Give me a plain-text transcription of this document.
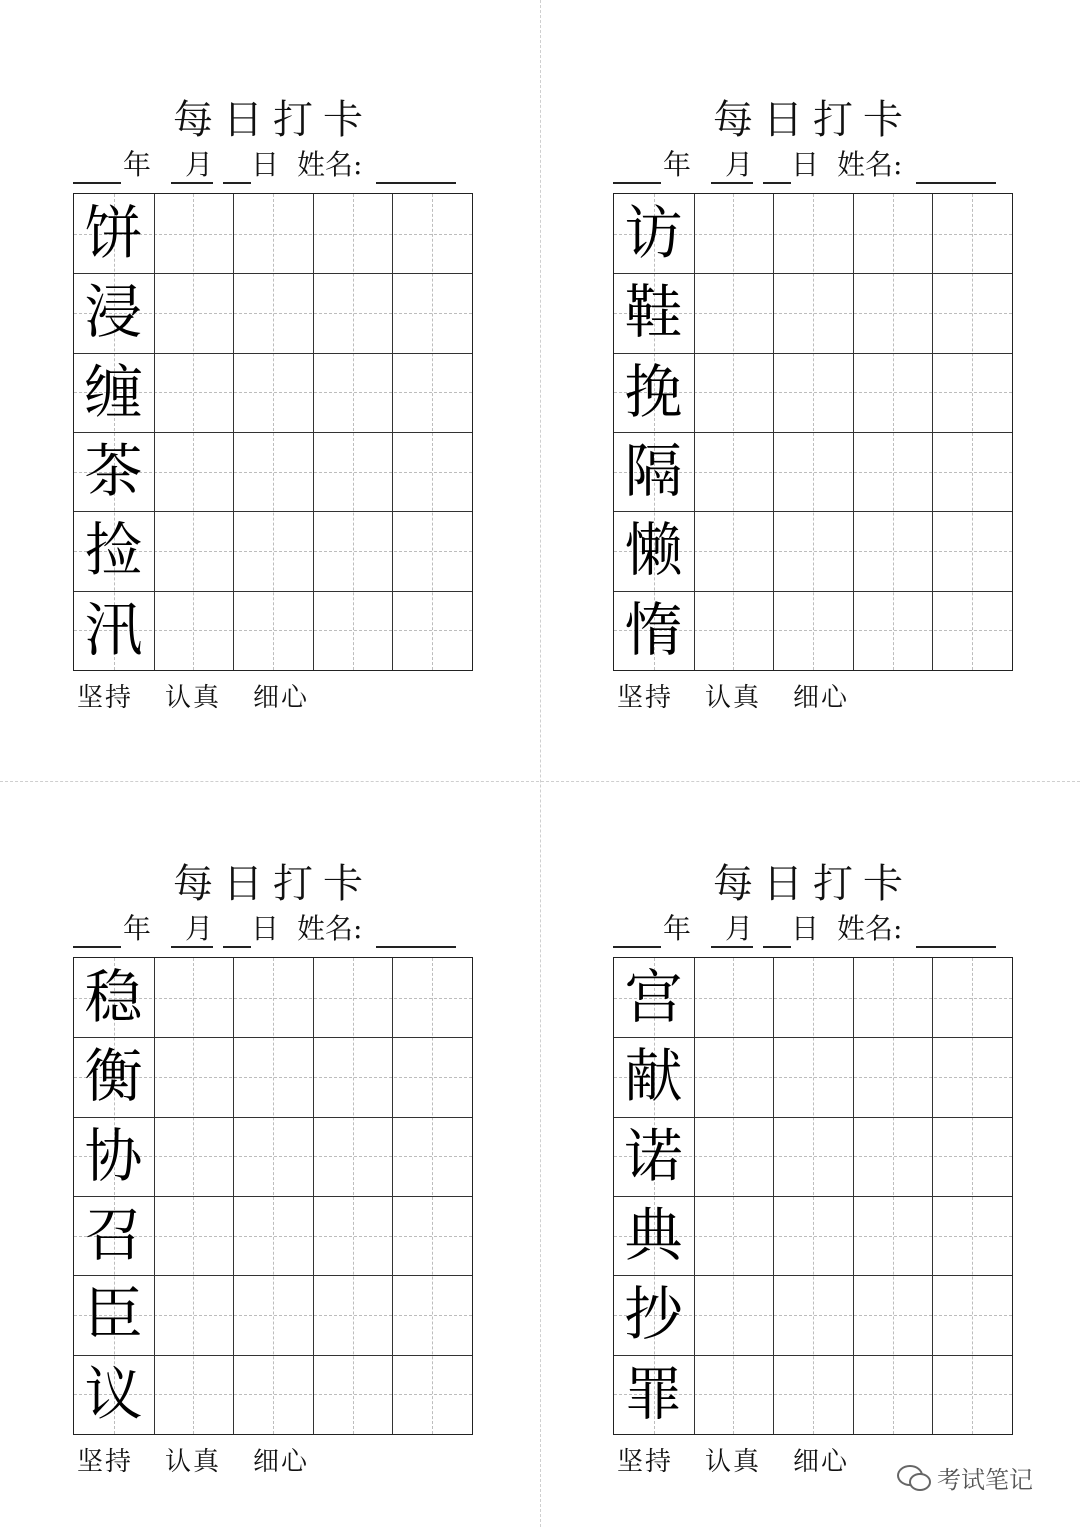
每日打卡
年 月 日 姓名:
饼
浸
缠
茶
捡
汛
坚持 认真 细心
每日打卡
年 月 日 姓名:
访
鞋
挽
隔
懒
惰
坚持 认真 细心
每日打卡
年 月 日 姓名:
稳
衡
协
召
臣
议
坚持 认真 细心
每日打卡
年 月 日 姓名:
宫
献
诺
典
抄
罪
坚持 认真 细心
考试笔记
